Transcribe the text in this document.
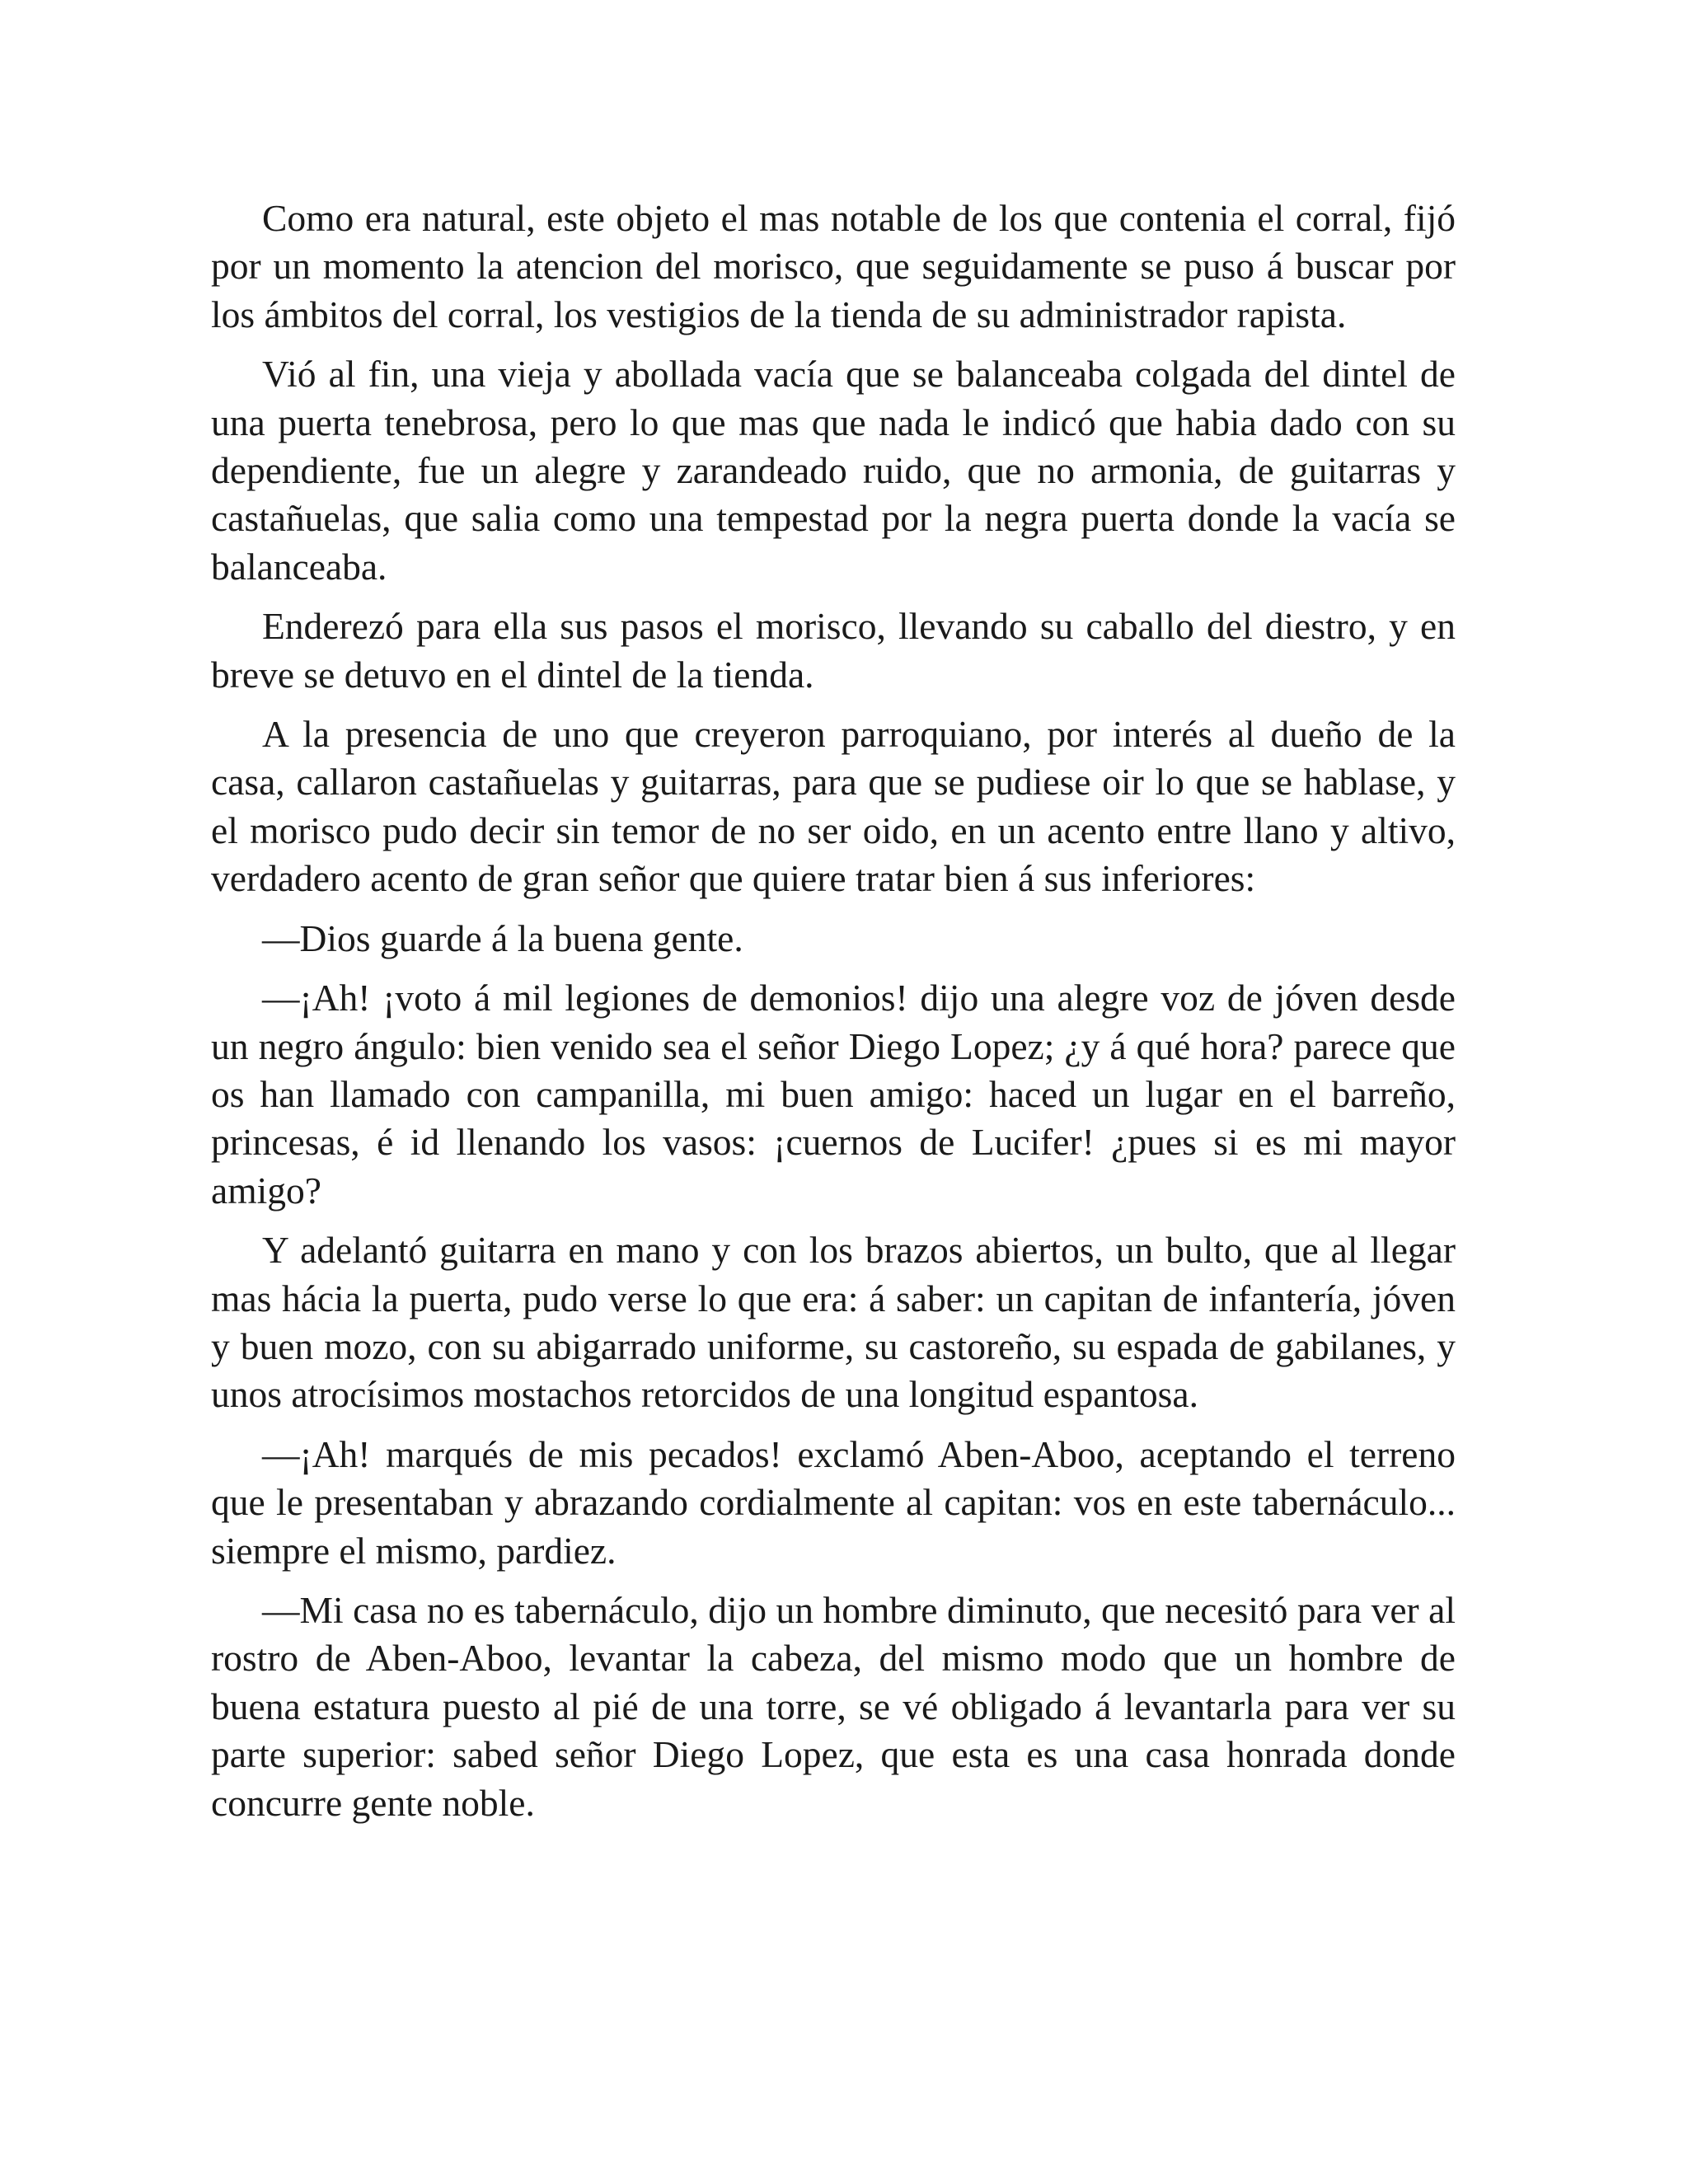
Como era natural, este objeto el mas notable de los que contenia el corral, fijó por un momento la atencion del morisco, que seguidamente se puso á buscar por los ámbitos del corral, los vestigios de la tienda de su administrador rapista.

Vió al fin, una vieja y abollada vacía que se balanceaba colgada del dintel de una puerta tenebrosa, pero lo que mas que nada le indicó que habia dado con su dependiente, fue un alegre y zarandeado ruido, que no armonia, de guitarras y castañuelas, que salia como una tempestad por la negra puerta donde la vacía se balanceaba.

Enderezó para ella sus pasos el morisco, llevando su caballo del diestro, y en breve se detuvo en el dintel de la tienda.

A la presencia de uno que creyeron parroquiano, por interés al dueño de la casa, callaron castañuelas y guitarras, para que se pudiese oir lo que se hablase, y el morisco pudo decir sin temor de no ser oido, en un acento entre llano y altivo, verdadero acento de gran señor que quiere tratar bien á sus inferiores:

—Dios guarde á la buena gente.

—¡Ah! ¡voto á mil legiones de demonios! dijo una alegre voz de jóven desde un negro ángulo: bien venido sea el señor Diego Lopez; ¿y á qué hora? parece que os han llamado con campanilla, mi buen amigo: haced un lugar en el barreño, princesas, é id llenando los vasos: ¡cuernos de Lucifer! ¿pues si es mi mayor amigo?

Y adelantó guitarra en mano y con los brazos abiertos, un bulto, que al llegar mas hácia la puerta, pudo verse lo que era: á saber: un capitan de infantería, jóven y buen mozo, con su abigarrado uniforme, su castoreño, su espada de gabilanes, y unos atrocísimos mostachos retorcidos de una longitud espantosa.

—¡Ah! marqués de mis pecados! exclamó Aben-Aboo, aceptando el terreno que le presentaban y abrazando cordialmente al capitan: vos en este tabernáculo... siempre el mismo, pardiez.

—Mi casa no es tabernáculo, dijo un hombre diminuto, que necesitó para ver al rostro de Aben-Aboo, levantar la cabeza, del mismo modo que un hombre de buena estatura puesto al pié de una torre, se vé obligado á levantarla para ver su parte superior: sabed señor Diego Lopez, que esta es una casa honrada donde concurre gente noble.
